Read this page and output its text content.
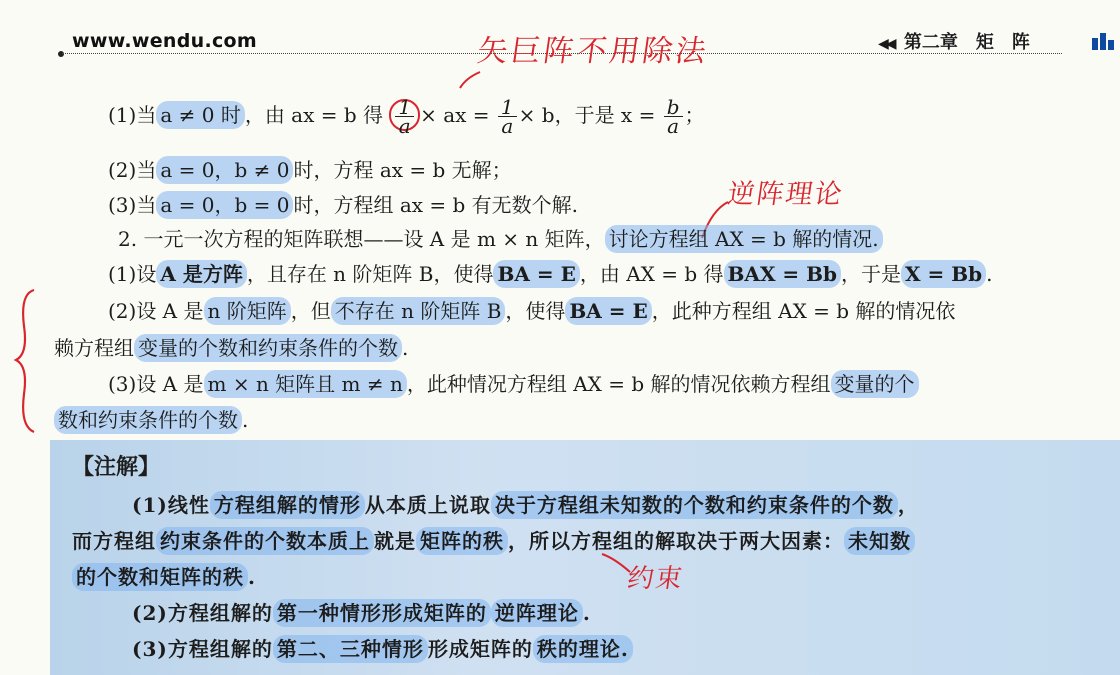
www.wendu.com	◀◀ 第二章　矩　阵
矢巨阵不用除法
(1)当 a ≠ 0 时 ，由 ax = b 得 $\frac{1}{a}$ × ax = $\frac{1}{a} \times b$，于是 $x = \frac{b}{a}$ ；
(2)当 a = 0，b ≠ 0 时，方程 ax = b 无解；
(3)当 a = 0，b = 0 时，方程组 ax = b 有无数个解.	逆阵理论
2. 一元一次方程的矩阵联想——设 A 是 m × n 矩阵， 讨论方程组 AX = b 解的情况.
(1)设 A 是方阵 ，且存在 n 阶矩阵 B，使得 BA = E ，由 AX = b 得 BAX = Bb ，于是 X = Bb .
(2)设 A 是 n 阶矩阵 ，但 不存在 n 阶矩阵 B ，使得 BA = E ，此种方程组 AX = b 解的情况依
赖方程组 变量的个数和约束条件的个数 .
(3)设 A 是 m × n 矩阵且 m ≠ n ，此种情况方程组 AX = b 解的情况依赖方程组 变量的个
数和约束条件的个数 .
【注解】
(1)线性 方程组解的情形 从本质上说取 决于方程组未知数的个数和约束条件的个数 ，
而方程组 约束条件的个数本质上 就是 矩阵的秩 ，所以方程组的解取决于两大因素： 未知数
的个数和矩阵的秩 .	约束
(2)方程组解的 第一种情形形成矩阵的 逆阵理论 .
(3)方程组解的 第二、三种情形 形成矩阵的 秩的理论.
